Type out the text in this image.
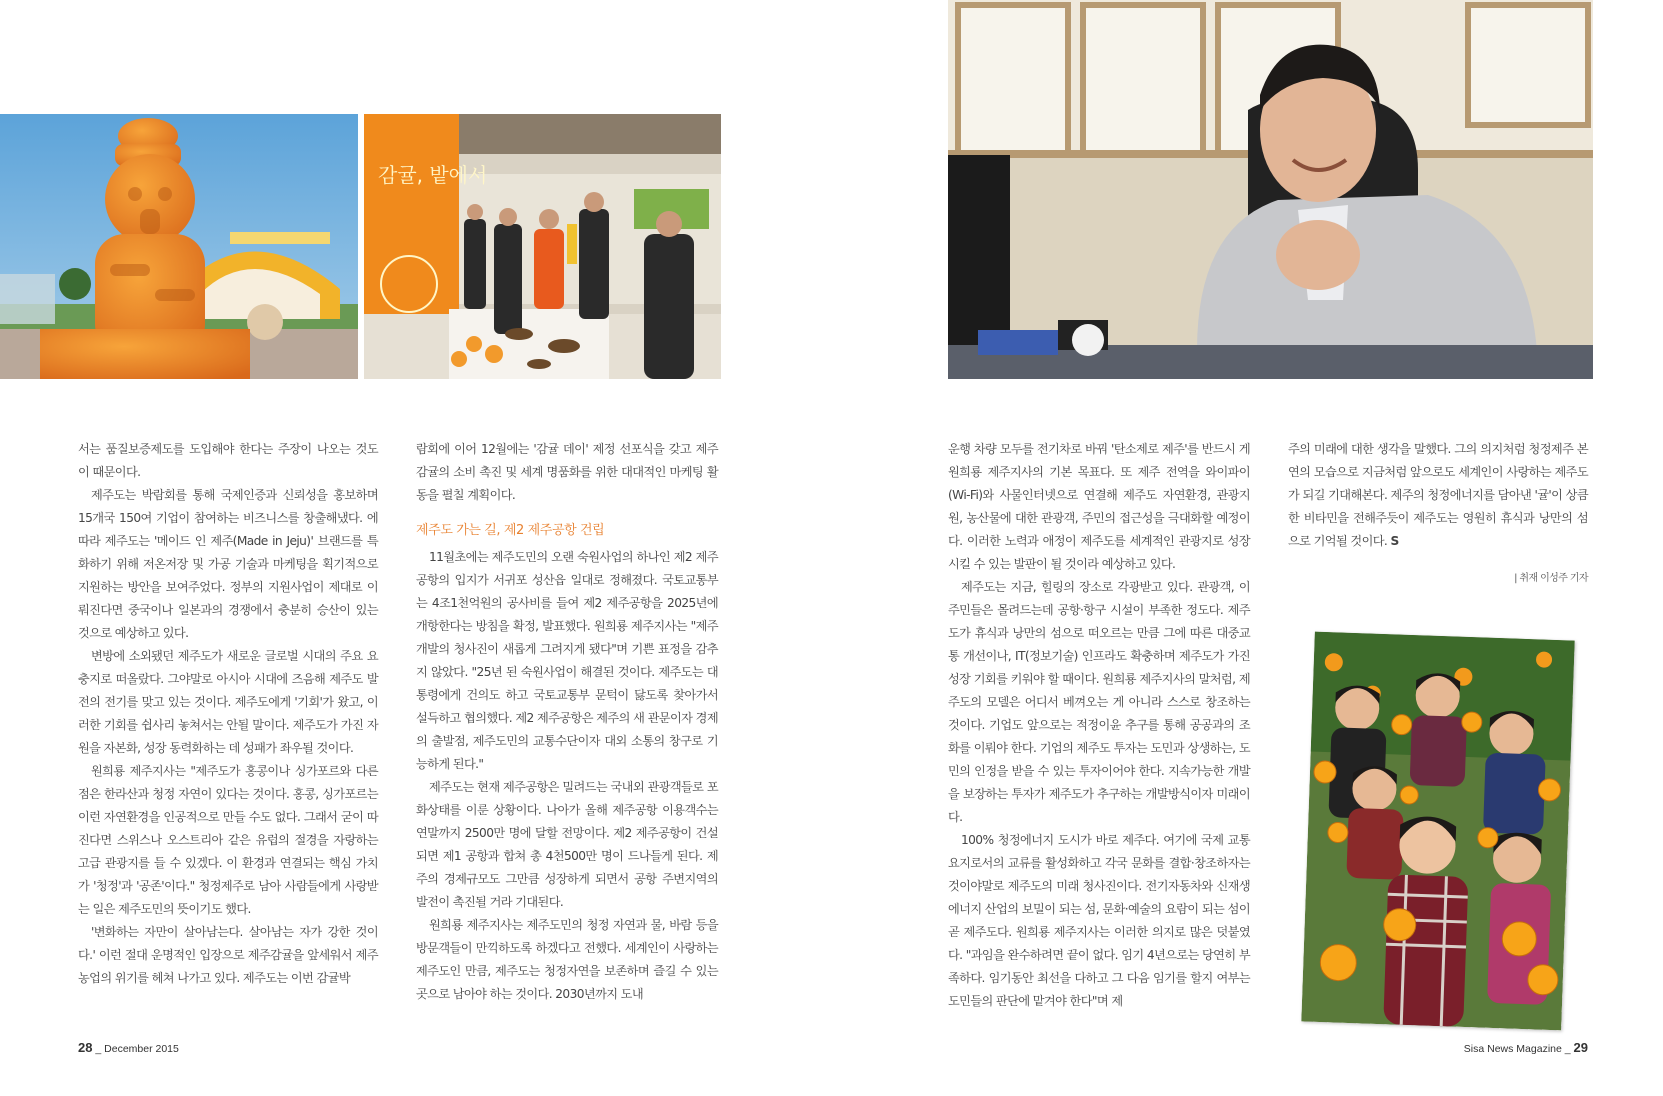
감귤, 밭에서

서는 품질보증제도를 도입해야 한다는 주장이 나오는 것도 이 때문이다.

제주도는 박람회를 통해 국제인증과 신뢰성을 홍보하며 15개국 150여 기업이 참여하는 비즈니스를 창출해냈다. 에 따라 제주도는 '메이드 인 제주(Made in Jeju)' 브랜드를 특화하기 위해 저온저장 및 가공 기술과 마케팅을 획기적으로 지원하는 방안을 보여주었다. 정부의 지원사업이 제대로 이뤄진다면 중국이나 일본과의 경쟁에서 충분히 승산이 있는 것으로 예상하고 있다.

변방에 소외됐던 제주도가 새로운 글로벌 시대의 주요 요충지로 떠올랐다. 그야말로 아시아 시대에 즈음해 제주도 발전의 전기를 맞고 있는 것이다. 제주도에게 '기회'가 왔고, 이러한 기회를 쉽사리 놓쳐서는 안될 말이다. 제주도가 가진 자원을 자본화, 성장 동력화하는 데 성패가 좌우될 것이다.

원희룡 제주지사는 "제주도가 홍콩이나 싱가포르와 다른 점은 한라산과 청정 자연이 있다는 것이다. 홍콩, 싱가포르는 이런 자연환경을 인공적으로 만들 수도 없다. 그래서 굳이 따진다면 스위스나 오스트리아 같은 유럽의 절경을 자랑하는 고급 관광지를 들 수 있겠다. 이 환경과 연결되는 핵심 가치가 '청정'과 '공존'이다." 청정제주로 남아 사람들에게 사랑받는 일은 제주도민의 뜻이기도 했다.

'변화하는 자만이 살아남는다. 살아남는 자가 강한 것이다.' 이런 절대 운명적인 입장으로 제주감귤을 앞세워서 제주 농업의 위기를 헤쳐 나가고 있다. 제주도는 이번 감귤박

람회에 이어 12월에는 '감귤 데이' 제정 선포식을 갖고 제주감귤의 소비 촉진 및 세계 명품화를 위한 대대적인 마케팅 활동을 펼칠 계획이다.

제주도 가는 길, 제2 제주공항 건립

11월초에는 제주도민의 오랜 숙원사업의 하나인 제2 제주공항의 입지가 서귀포 성산읍 일대로 정해졌다. 국토교통부는 4조1천억원의 공사비를 들여 제2 제주공항을 2025년에 개항한다는 방침을 확정, 발표했다. 원희룡 제주지사는 "제주개발의 청사진이 새롭게 그려지게 됐다"며 기쁜 표정을 감추지 않았다. "25년 된 숙원사업이 해결된 것이다. 제주도는 대통령에게 건의도 하고 국토교통부 문턱이 닳도록 찾아가서 설득하고 협의했다. 제2 제주공항은 제주의 새 관문이자 경제의 출발점, 제주도민의 교통수단이자 대외 소통의 창구로 기능하게 된다."

제주도는 현재 제주공항은 밀려드는 국내외 관광객들로 포화상태를 이룬 상황이다. 나아가 올해 제주공항 이용객수는 연말까지 2500만 명에 달할 전망이다. 제2 제주공항이 건설되면 제1 공항과 합쳐 총 4천500만 명이 드나들게 된다. 제주의 경제규모도 그만큼 성장하게 되면서 공항 주변지역의 발전이 촉진될 거라 기대된다.

원희룡 제주지사는 제주도민의 청정 자연과 물, 바람 등을 방문객들이 만끽하도록 하겠다고 전했다. 세계인이 사랑하는 제주도인 만큼, 제주도는 청정자연을 보존하며 즐길 수 있는 곳으로 남아야 하는 것이다. 2030년까지 도내

운행 차량 모두를 전기차로 바꿔 '탄소제로 제주'를 반드시 게 원희룡 제주지사의 기본 목표다. 또 제주 전역을 와이파이(Wi-Fi)와 사물인터넷으로 연결해 제주도 자연환경, 관광지원, 농산물에 대한 관광객, 주민의 접근성을 극대화할 예정이다. 이러한 노력과 애정이 제주도를 세계적인 관광지로 성장시킬 수 있는 발판이 될 것이라 예상하고 있다.

제주도는 지금, 힐링의 장소로 각광받고 있다. 관광객, 이주민들은 몰려드는데 공항·항구 시설이 부족한 정도다. 제주도가 휴식과 낭만의 섬으로 떠오르는 만큼 그에 따른 대중교통 개선이나, IT(정보기술) 인프라도 확충하며 제주도가 가진 성장 기회를 키워야 할 때이다. 원희룡 제주지사의 말처럼, 제주도의 모델은 어디서 베껴오는 게 아니라 스스로 창조하는 것이다. 기업도 앞으로는 적정이윤 추구를 통해 공공과의 조화를 이뤄야 한다. 기업의 제주도 투자는 도민과 상생하는, 도민의 인정을 받을 수 있는 투자이어야 한다. 지속가능한 개발을 보장하는 투자가 제주도가 추구하는 개발방식이자 미래이다.

100% 청정에너지 도시가 바로 제주다. 여기에 국제 교통 요지로서의 교류를 활성화하고 각국 문화를 결합·창조하자는 것이야말로 제주도의 미래 청사진이다. 전기자동차와 신재생에너지 산업의 보밀이 되는 섬, 문화·예술의 요람이 되는 섬이 곧 제주도다. 원희룡 제주지사는 이러한 의지로 많은 덧붙였다. "과임을 완수하려면 끝이 없다. 임기 4년으로는 당연히 부족하다. 임기동안 최선을 다하고 그 다음 임기를 할지 여부는 도민들의 판단에 맡겨야 한다"며 제

주의 미래에 대한 생각을 말했다. 그의 의지처럼 청정제주 본연의 모습으로 지금처럼 앞으로도 세계인이 사랑하는 제주도가 되길 기대해본다. 제주의 청정에너지를 담아낸 '귤'이 상큼한 비타민을 전해주듯이 제주도는 영원히 휴식과 낭만의 섬으로 기억될 것이다. S

| 취재 이성주 기자

28 _ December 2015	Sisa News Magazine _ 29
